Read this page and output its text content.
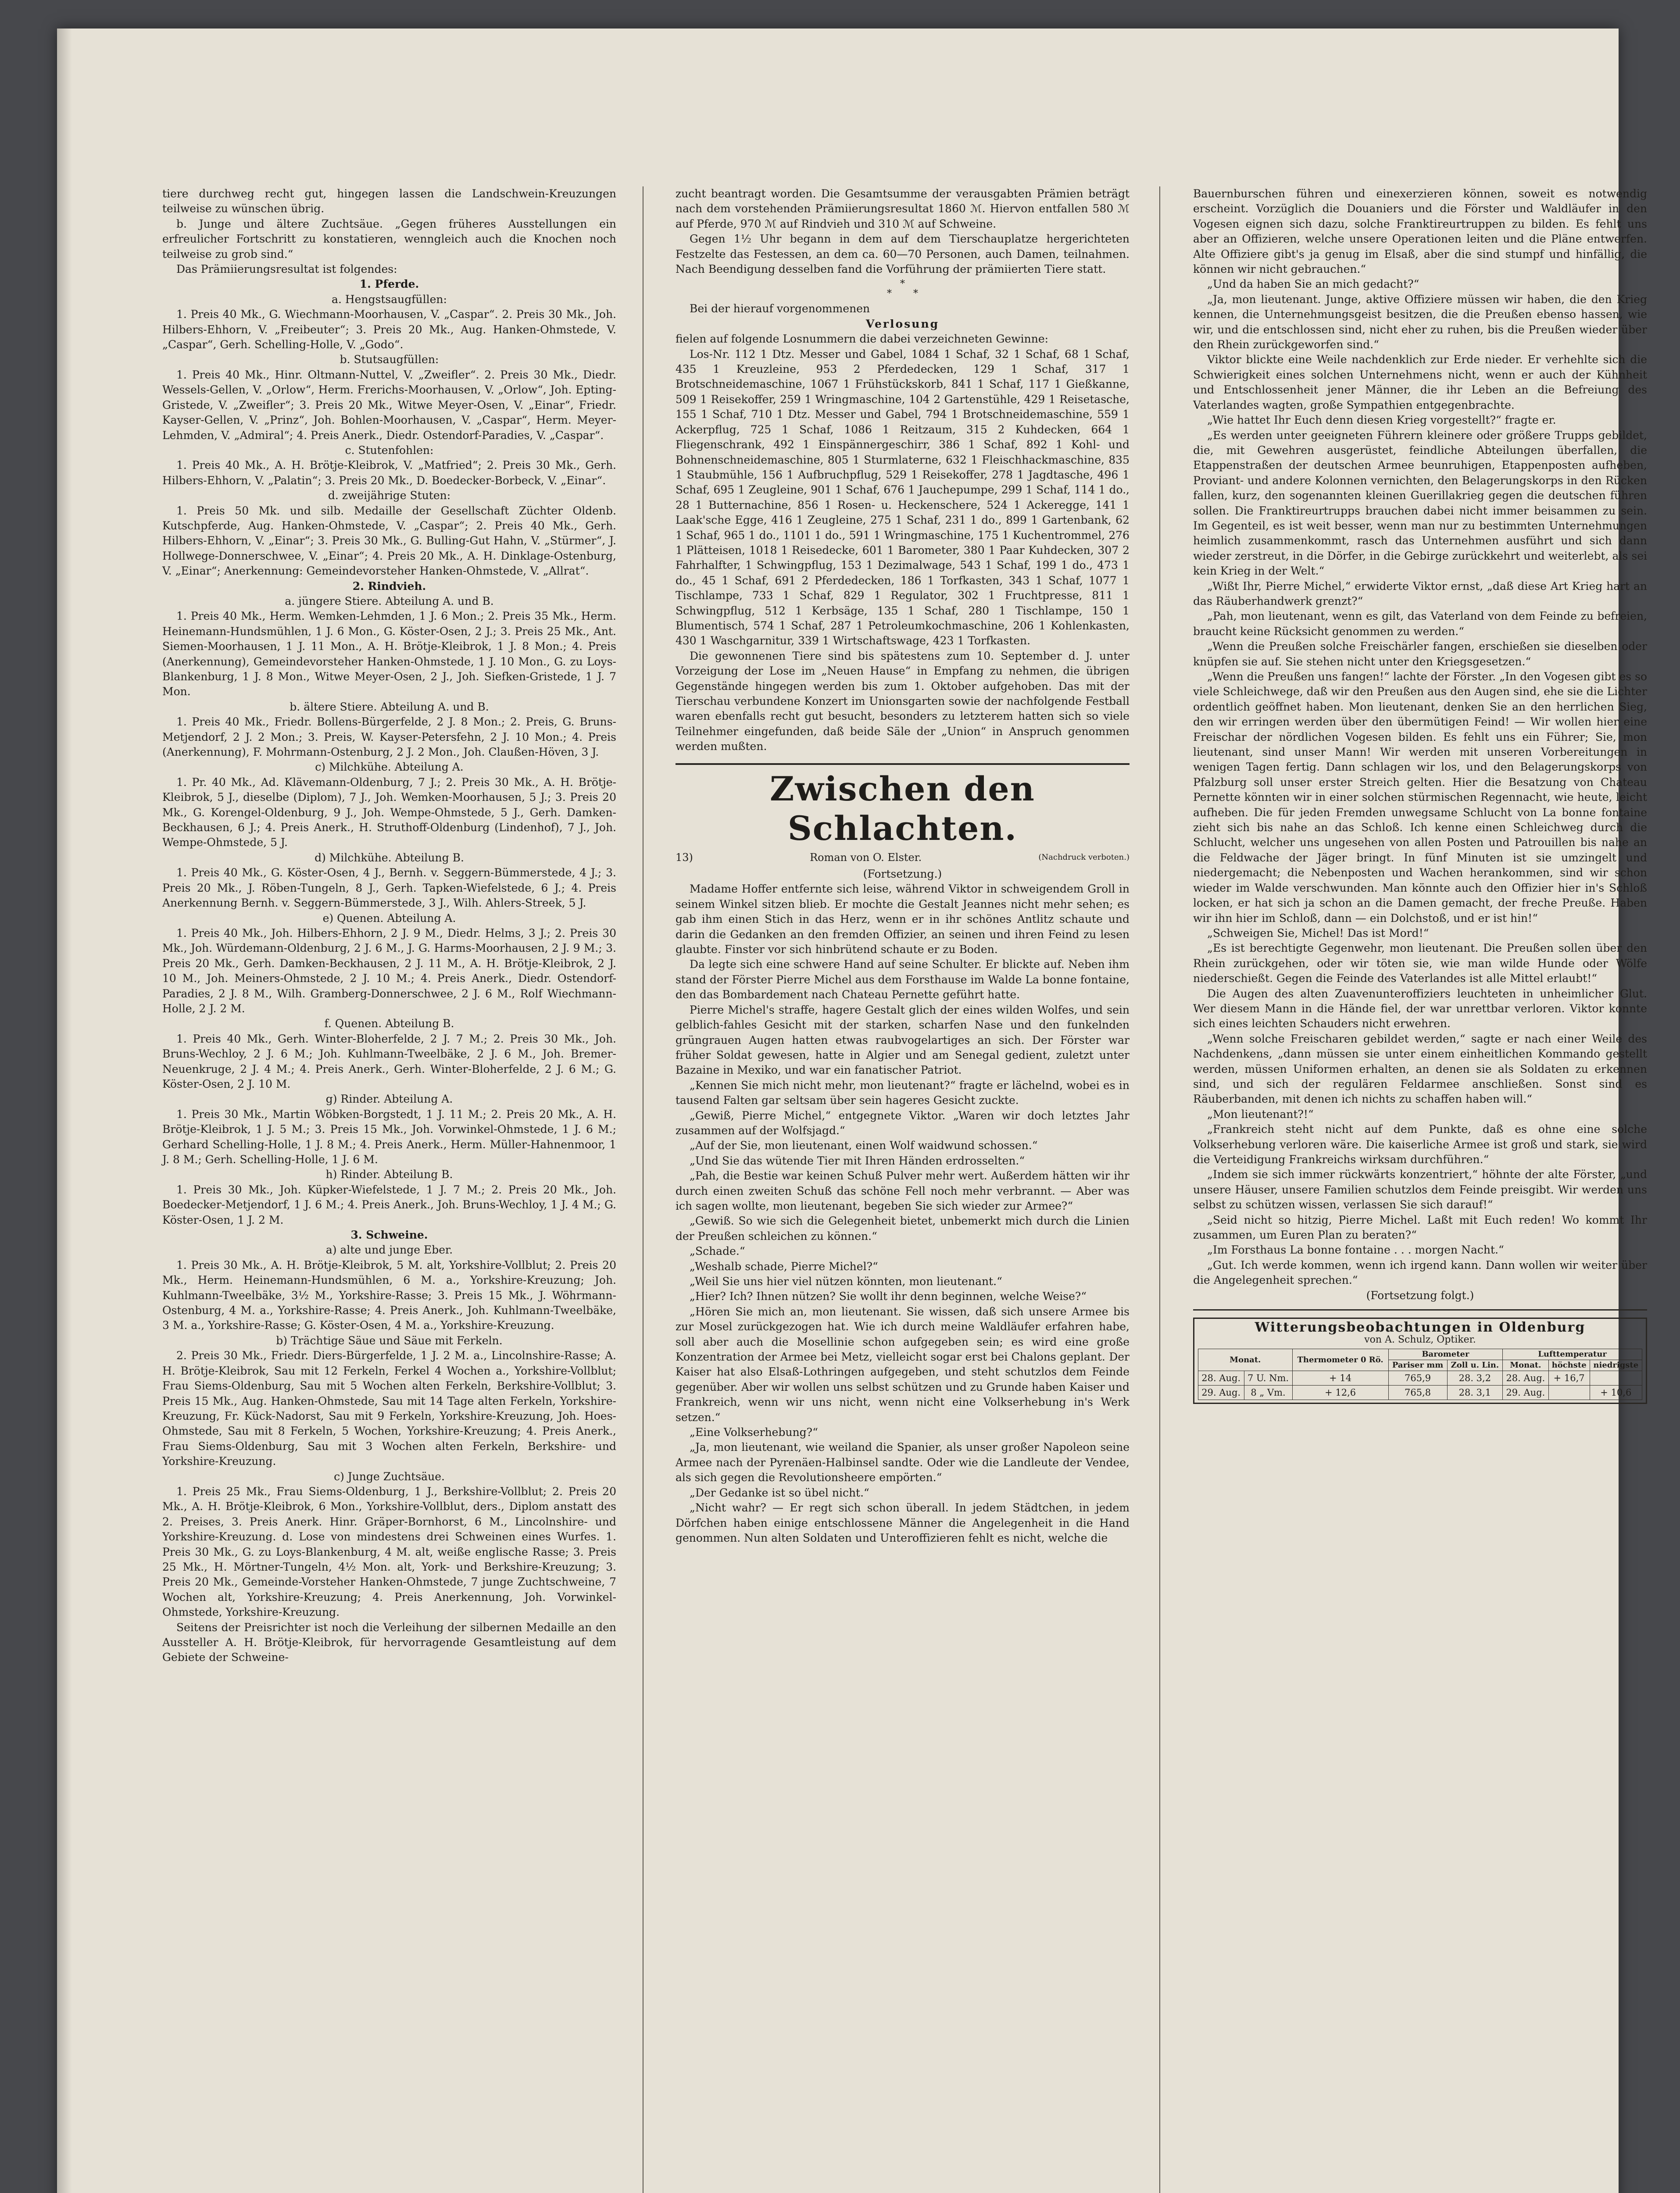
tiere durchweg recht gut, hingegen lassen die Landschwein-Kreuzungen teilweise zu wünschen übrig.

b. Junge und ältere Zuchtsäue. „Gegen früheres Ausstellungen ein erfreulicher Fortschritt zu konstatieren, wenngleich auch die Knochen noch teilweise zu grob sind.“

Das Prämiierungsresultat ist folgendes:

1. Pferde.

a. Hengstsaugfüllen:

1. Preis 40 Mk., G. Wiechmann-Moorhausen, V. „Caspar“. 2. Preis 30 Mk., Joh. Hilbers-Ehhorn, V. „Freibeuter“; 3. Preis 20 Mk., Aug. Hanken-Ohmstede, V. „Caspar“, Gerh. Schelling-Holle, V. „Godo“.

b. Stutsaugfüllen:

1. Preis 40 Mk., Hinr. Oltmann-Nuttel, V. „Zweifler“. 2. Preis 30 Mk., Diedr. Wessels-Gellen, V. „Orlow“, Herm. Frerichs-Moorhausen, V. „Orlow“, Joh. Epting-Gristede, V. „Zweifler“; 3. Preis 20 Mk., Witwe Meyer-Osen, V. „Einar“, Friedr. Kayser-Gellen, V. „Prinz“, Joh. Bohlen-Moorhausen, V. „Caspar“, Herm. Meyer-Lehmden, V. „Admiral“; 4. Preis Anerk., Diedr. Ostendorf-Paradies, V. „Caspar“.

c. Stutenfohlen:

1. Preis 40 Mk., A. H. Brötje-Kleibrok, V. „Matfried“; 2. Preis 30 Mk., Gerh. Hilbers-Ehhorn, V. „Palatin“; 3. Preis 20 Mk., D. Boedecker-Borbeck, V. „Einar“.

d. zweijährige Stuten:

1. Preis 50 Mk. und silb. Medaille der Gesellschaft Züchter Oldenb. Kutschpferde, Aug. Hanken-Ohmstede, V. „Caspar“; 2. Preis 40 Mk., Gerh. Hilbers-Ehhorn, V. „Einar“; 3. Preis 30 Mk., G. Bulling-Gut Hahn, V. „Stürmer“, J. Hollwege-Donnerschwee, V. „Einar“; 4. Preis 20 Mk., A. H. Dinklage-Ostenburg, V. „Einar“; Anerkennung: Gemeindevorsteher Hanken-Ohmstede, V. „Allrat“.

2. Rindvieh.

a. jüngere Stiere. Abteilung A. und B.

1. Preis 40 Mk., Herm. Wemken-Lehmden, 1 J. 6 Mon.; 2. Preis 35 Mk., Herm. Heinemann-Hundsmühlen, 1 J. 6 Mon., G. Köster-Osen, 2 J.; 3. Preis 25 Mk., Ant. Siemen-Moorhausen, 1 J. 11 Mon., A. H. Brötje-Kleibrok, 1 J. 8 Mon.; 4. Preis (Anerkennung), Gemeindevorsteher Hanken-Ohmstede, 1 J. 10 Mon., G. zu Loys-Blankenburg, 1 J. 8 Mon., Witwe Meyer-Osen, 2 J., Joh. Siefken-Gristede, 1 J. 7 Mon.

b. ältere Stiere. Abteilung A. und B.

1. Preis 40 Mk., Friedr. Bollens-Bürgerfelde, 2 J. 8 Mon.; 2. Preis, G. Bruns-Metjendorf, 2 J. 2 Mon.; 3. Preis, W. Kayser-Petersfehn, 2 J. 10 Mon.; 4. Preis (Anerkennung), F. Mohrmann-Ostenburg, 2 J. 2 Mon., Joh. Claußen-Höven, 3 J.

c) Milchkühe. Abteilung A.

1. Pr. 40 Mk., Ad. Klävemann-Oldenburg, 7 J.; 2. Preis 30 Mk., A. H. Brötje-Kleibrok, 5 J., dieselbe (Diplom), 7 J., Joh. Wemken-Moorhausen, 5 J.; 3. Preis 20 Mk., G. Korengel-Oldenburg, 9 J., Joh. Wempe-Ohmstede, 5 J., Gerh. Damken-Beckhausen, 6 J.; 4. Preis Anerk., H. Struthoff-Oldenburg (Lindenhof), 7 J., Joh. Wempe-Ohmstede, 5 J.

d) Milchkühe. Abteilung B.

1. Preis 40 Mk., G. Köster-Osen, 4 J., Bernh. v. Seggern-Bümmerstede, 4 J.; 3. Preis 20 Mk., J. Röben-Tungeln, 8 J., Gerh. Tapken-Wiefelstede, 6 J.; 4. Preis Anerkennung Bernh. v. Seggern-Bümmerstede, 3 J., Wilh. Ahlers-Streek, 5 J.

e) Quenen. Abteilung A.

1. Preis 40 Mk., Joh. Hilbers-Ehhorn, 2 J. 9 M., Diedr. Helms, 3 J.; 2. Preis 30 Mk., Joh. Würdemann-Oldenburg, 2 J. 6 M., J. G. Harms-Moorhausen, 2 J. 9 M.; 3. Preis 20 Mk., Gerh. Damken-Beckhausen, 2 J. 11 M., A. H. Brötje-Kleibrok, 2 J. 10 M., Joh. Meiners-Ohmstede, 2 J. 10 M.; 4. Preis Anerk., Diedr. Ostendorf-Paradies, 2 J. 8 M., Wilh. Gramberg-Donnerschwee, 2 J. 6 M., Rolf Wiechmann-Holle, 2 J. 2 M.

f. Quenen. Abteilung B.

1. Preis 40 Mk., Gerh. Winter-Bloherfelde, 2 J. 7 M.; 2. Preis 30 Mk., Joh. Bruns-Wechloy, 2 J. 6 M.; Joh. Kuhlmann-Tweelbäke, 2 J. 6 M., Joh. Bremer-Neuenkruge, 2 J. 4 M.; 4. Preis Anerk., Gerh. Winter-Bloherfelde, 2 J. 6 M.; G. Köster-Osen, 2 J. 10 M.

g) Rinder. Abteilung A.

1. Preis 30 Mk., Martin Wöbken-Borgstedt, 1 J. 11 M.; 2. Preis 20 Mk., A. H. Brötje-Kleibrok, 1 J. 5 M.; 3. Preis 15 Mk., Joh. Vorwinkel-Ohmstede, 1 J. 6 M.; Gerhard Schelling-Holle, 1 J. 8 M.; 4. Preis Anerk., Herm. Müller-Hahnenmoor, 1 J. 8 M.; Gerh. Schelling-Holle, 1 J. 6 M.

h) Rinder. Abteilung B.

1. Preis 30 Mk., Joh. Küpker-Wiefelstede, 1 J. 7 M.; 2. Preis 20 Mk., Joh. Boedecker-Metjendorf, 1 J. 6 M.; 4. Preis Anerk., Joh. Bruns-Wechloy, 1 J. 4 M.; G. Köster-Osen, 1 J. 2 M.

3. Schweine.

a) alte und junge Eber.

1. Preis 30 Mk., A. H. Brötje-Kleibrok, 5 M. alt, Yorkshire-Vollblut; 2. Preis 20 Mk., Herm. Heinemann-Hundsmühlen, 6 M. a., Yorkshire-Kreuzung; Joh. Kuhlmann-Tweelbäke, 3½ M., Yorkshire-Rasse; 3. Preis 15 Mk., J. Wöhrmann-Ostenburg, 4 M. a., Yorkshire-Rasse; 4. Preis Anerk., Joh. Kuhlmann-Tweelbäke, 3 M. a., Yorkshire-Rasse; G. Köster-Osen, 4 M. a., Yorkshire-Kreuzung.

b) Trächtige Säue und Säue mit Ferkeln.

2. Preis 30 Mk., Friedr. Diers-Bürgerfelde, 1 J. 2 M. a., Lincolnshire-Rasse; A. H. Brötje-Kleibrok, Sau mit 12 Ferkeln, Ferkel 4 Wochen a., Yorkshire-Vollblut; Frau Siems-Oldenburg, Sau mit 5 Wochen alten Ferkeln, Berkshire-Vollblut; 3. Preis 15 Mk., Aug. Hanken-Ohmstede, Sau mit 14 Tage alten Ferkeln, Yorkshire-Kreuzung, Fr. Kück-Nadorst, Sau mit 9 Ferkeln, Yorkshire-Kreuzung, Joh. Hoes-Ohmstede, Sau mit 8 Ferkeln, 5 Wochen, Yorkshire-Kreuzung; 4. Preis Anerk., Frau Siems-Oldenburg, Sau mit 3 Wochen alten Ferkeln, Berkshire- und Yorkshire-Kreuzung.

c) Junge Zuchtsäue.

1. Preis 25 Mk., Frau Siems-Oldenburg, 1 J., Berkshire-Vollblut; 2. Preis 20 Mk., A. H. Brötje-Kleibrok, 6 Mon., Yorkshire-Vollblut, ders., Diplom anstatt des 2. Preises, 3. Preis Anerk. Hinr. Gräper-Bornhorst, 6 M., Lincolnshire- und Yorkshire-Kreuzung. d. Lose von mindestens drei Schweinen eines Wurfes. 1. Preis 30 Mk., G. zu Loys-Blankenburg, 4 M. alt, weiße englische Rasse; 3. Preis 25 Mk., H. Mörtner-Tungeln, 4½ Mon. alt, York- und Berkshire-Kreuzung; 3. Preis 20 Mk., Gemeinde-Vorsteher Hanken-Ohmstede, 7 junge Zuchtschweine, 7 Wochen alt, Yorkshire-Kreuzung; 4. Preis Anerkennung, Joh. Vorwinkel-Ohmstede, Yorkshire-Kreuzung.

Seitens der Preisrichter ist noch die Verleihung der silbernen Medaille an den Aussteller A. H. Brötje-Kleibrok, für hervorragende Gesamtleistung auf dem Gebiete der Schweine-

zucht beantragt worden. Die Gesamtsumme der verausgabten Prämien beträgt nach dem vorstehenden Prämiierungsresultat 1860 ℳ. Hiervon entfallen 580 ℳ auf Pferde, 970 ℳ auf Rindvieh und 310 ℳ auf Schweine.

Gegen 1½ Uhr begann in dem auf dem Tierschauplatze hergerichteten Festzelte das Festessen, an dem ca. 60—70 Personen, auch Damen, teilnahmen. Nach Beendigung desselben fand die Vorführung der prämiierten Tiere statt.

*
*       *

Bei der hierauf vorgenommenen

Verlosung

fielen auf folgende Losnummern die dabei verzeichneten Gewinne:

Los-Nr. 112 1 Dtz. Messer und Gabel, 1084 1 Schaf, 32 1 Schaf, 68 1 Schaf, 435 1 Kreuzleine, 953 2 Pferdedecken, 129 1 Schaf, 317 1 Brotschneidemaschine, 1067 1 Frühstückskorb, 841 1 Schaf, 117 1 Gießkanne, 509 1 Reisekoffer, 259 1 Wringmaschine, 104 2 Gartenstühle, 429 1 Reisetasche, 155 1 Schaf, 710 1 Dtz. Messer und Gabel, 794 1 Brotschneidemaschine, 559 1 Ackerpflug, 725 1 Schaf, 1086 1 Reitzaum, 315 2 Kuhdecken, 664 1 Fliegenschrank, 492 1 Einspännergeschirr, 386 1 Schaf, 892 1 Kohl- und Bohnenschneidemaschine, 805 1 Sturmlaterne, 632 1 Fleischhackmaschine, 835 1 Staubmühle, 156 1 Aufbruchpflug, 529 1 Reisekoffer, 278 1 Jagdtasche, 496 1 Schaf, 695 1 Zeugleine, 901 1 Schaf, 676 1 Jauchepumpe, 299 1 Schaf, 114 1 do., 28 1 Butternachine, 856 1 Rosen- u. Heckenschere, 524 1 Ackeregge, 141 1 Laak'sche Egge, 416 1 Zeugleine, 275 1 Schaf, 231 1 do., 899 1 Gartenbank, 62 1 Schaf, 965 1 do., 1101 1 do., 591 1 Wringmaschine, 175 1 Kuchentrommel, 276 1 Plätteisen, 1018 1 Reisedecke, 601 1 Barometer, 380 1 Paar Kuhdecken, 307 2 Fahrhalfter, 1 Schwingpflug, 153 1 Dezimalwage, 543 1 Schaf, 199 1 do., 473 1 do., 45 1 Schaf, 691 2 Pferdedecken, 186 1 Torfkasten, 343 1 Schaf, 1077 1 Tischlampe, 733 1 Schaf, 829 1 Regulator, 302 1 Fruchtpresse, 811 1 Schwingpflug, 512 1 Kerbsäge, 135 1 Schaf, 280 1 Tischlampe, 150 1 Blumentisch, 574 1 Schaf, 287 1 Petroleumkochmaschine, 206 1 Kohlenkasten, 430 1 Waschgarnitur, 339 1 Wirtschaftswage, 423 1 Torfkasten.

Die gewonnenen Tiere sind bis spätestens zum 10. September d. J. unter Vorzeigung der Lose im „Neuen Hause“ in Empfang zu nehmen, die übrigen Gegenstände hingegen werden bis zum 1. Oktober aufgehoben. Das mit der Tierschau verbundene Konzert im Unionsgarten sowie der nachfolgende Festball waren ebenfalls recht gut besucht, besonders zu letzterem hatten sich so viele Teilnehmer eingefunden, daß beide Säle der „Union“ in Anspruch genommen werden mußten.

Zwischen den Schlachten.
13)	Roman von O. Elster.	(Nachdruck verboten.)

(Fortsetzung.)

Madame Hoffer entfernte sich leise, während Viktor in schweigendem Groll in seinem Winkel sitzen blieb. Er mochte die Gestalt Jeannes nicht mehr sehen; es gab ihm einen Stich in das Herz, wenn er in ihr schönes Antlitz schaute und darin die Gedanken an den fremden Offizier, an seinen und ihren Feind zu lesen glaubte. Finster vor sich hinbrütend schaute er zu Boden.

Da legte sich eine schwere Hand auf seine Schulter. Er blickte auf. Neben ihm stand der Förster Pierre Michel aus dem Forsthause im Walde La bonne fontaine, den das Bombardement nach Chateau Pernette geführt hatte.

Pierre Michel's straffe, hagere Gestalt glich der eines wilden Wolfes, und sein gelblich-fahles Gesicht mit der starken, scharfen Nase und den funkelnden grüngrauen Augen hatten etwas raubvogelartiges an sich. Der Förster war früher Soldat gewesen, hatte in Algier und am Senegal gedient, zuletzt unter Bazaine in Mexiko, und war ein fanatischer Patriot.

„Kennen Sie mich nicht mehr, mon lieutenant?“ fragte er lächelnd, wobei es in tausend Falten gar seltsam über sein hageres Gesicht zuckte.

„Gewiß, Pierre Michel,“ entgegnete Viktor. „Waren wir doch letztes Jahr zusammen auf der Wolfsjagd.“

„Auf der Sie, mon lieutenant, einen Wolf waidwund schossen.“

„Und Sie das wütende Tier mit Ihren Händen erdrosselten.“

„Pah, die Bestie war keinen Schuß Pulver mehr wert. Außerdem hätten wir ihr durch einen zweiten Schuß das schöne Fell noch mehr verbrannt. — Aber was ich sagen wollte, mon lieutenant, begeben Sie sich wieder zur Armee?“

„Gewiß. So wie sich die Gelegenheit bietet, unbemerkt mich durch die Linien der Preußen schleichen zu können.“

„Schade.“

„Weshalb schade, Pierre Michel?“

„Weil Sie uns hier viel nützen könnten, mon lieutenant.“

„Hier? Ich? Ihnen nützen? Sie wollt ihr denn beginnen, welche Weise?“

„Hören Sie mich an, mon lieutenant. Sie wissen, daß sich unsere Armee bis zur Mosel zurückgezogen hat. Wie ich durch meine Waldläufer erfahren habe, soll aber auch die Mosellinie schon aufgegeben sein; es wird eine große Konzentration der Armee bei Metz, vielleicht sogar erst bei Chalons geplant. Der Kaiser hat also Elsaß-Lothringen aufgegeben, und steht schutzlos dem Feinde gegenüber. Aber wir wollen uns selbst schützen und zu Grunde haben Kaiser und Frankreich, wenn wir uns nicht, wenn nicht eine Volkserhebung in's Werk setzen.“

„Eine Volkserhebung?“

„Ja, mon lieutenant, wie weiland die Spanier, als unser großer Napoleon seine Armee nach der Pyrenäen-Halbinsel sandte. Oder wie die Landleute der Vendee, als sich gegen die Revolutionsheere empörten.“

„Der Gedanke ist so übel nicht.“

„Nicht wahr? — Er regt sich schon überall. In jedem Städtchen, in jedem Dörfchen haben einige entschlossene Männer die Angelegenheit in die Hand genommen. Nun alten Soldaten und Unteroffizieren fehlt es nicht, welche die

Bauernburschen führen und einexerzieren können, soweit es notwendig erscheint. Vorzüglich die Douaniers und die Förster und Waldläufer in den Vogesen eignen sich dazu, solche Franktireurtruppen zu bilden. Es fehlt uns aber an Offizieren, welche unsere Operationen leiten und die Pläne entwerfen. Alte Offiziere gibt's ja genug im Elsaß, aber die sind stumpf und hinfällig, die können wir nicht gebrauchen.“

„Und da haben Sie an mich gedacht?“

„Ja, mon lieutenant. Junge, aktive Offiziere müssen wir haben, die den Krieg kennen, die Unternehmungsgeist besitzen, die die Preußen ebenso hassen, wie wir, und die entschlossen sind, nicht eher zu ruhen, bis die Preußen wieder über den Rhein zurückgeworfen sind.“

Viktor blickte eine Weile nachdenklich zur Erde nieder. Er verhehlte sich die Schwierigkeit eines solchen Unternehmens nicht, wenn er auch der Kühnheit und Entschlossenheit jener Männer, die ihr Leben an die Befreiung des Vaterlandes wagten, große Sympathien entgegenbrachte.

„Wie hattet Ihr Euch denn diesen Krieg vorgestellt?“ fragte er.

„Es werden unter geeigneten Führern kleinere oder größere Trupps gebildet, die, mit Gewehren ausgerüstet, feindliche Abteilungen überfallen, die Etappenstraßen der deutschen Armee beunruhigen, Etappenposten aufheben, Proviant- und andere Kolonnen vernichten, den Belagerungskorps in den Rücken fallen, kurz, den sogenannten kleinen Guerillakrieg gegen die deutschen führen sollen. Die Franktireurtrupps brauchen dabei nicht immer beisammen zu sein. Im Gegenteil, es ist weit besser, wenn man nur zu bestimmten Unternehmungen heimlich zusammenkommt, rasch das Unternehmen ausführt und sich dann wieder zerstreut, in die Dörfer, in die Gebirge zurückkehrt und weiterlebt, als sei kein Krieg in der Welt.“

„Wißt Ihr, Pierre Michel,“ erwiderte Viktor ernst, „daß diese Art Krieg hart an das Räuberhandwerk grenzt?“

„Pah, mon lieutenant, wenn es gilt, das Vaterland von dem Feinde zu befreien, braucht keine Rücksicht genommen zu werden.“

„Wenn die Preußen solche Freischärler fangen, erschießen sie dieselben oder knüpfen sie auf. Sie stehen nicht unter den Kriegsgesetzen.“

„Wenn die Preußen uns fangen!“ lachte der Förster. „In den Vogesen gibt es so viele Schleichwege, daß wir den Preußen aus den Augen sind, ehe sie die Lichter ordentlich geöffnet haben. Mon lieutenant, denken Sie an den herrlichen Sieg, den wir erringen werden über den übermütigen Feind! — Wir wollen hier eine Freischar der nördlichen Vogesen bilden. Es fehlt uns ein Führer; Sie, mon lieutenant, sind unser Mann! Wir werden mit unseren Vorbereitungen in wenigen Tagen fertig. Dann schlagen wir los, und den Belagerungskorps von Pfalzburg soll unser erster Streich gelten. Hier die Besatzung von Chateau Pernette könnten wir in einer solchen stürmischen Regennacht, wie heute, leicht aufheben. Die für jeden Fremden unwegsame Schlucht von La bonne fontaine zieht sich bis nahe an das Schloß. Ich kenne einen Schleichweg durch die Schlucht, welcher uns ungesehen von allen Posten und Patrouillen bis nahe an die Feldwache der Jäger bringt. In fünf Minuten ist sie umzingelt und niedergemacht; die Nebenposten und Wachen herankommen, sind wir schon wieder im Walde verschwunden. Man könnte auch den Offizier hier in's Schloß locken, er hat sich ja schon an die Damen gemacht, der freche Preuße. Haben wir ihn hier im Schloß, dann — ein Dolchstoß, und er ist hin!“

„Schweigen Sie, Michel! Das ist Mord!“

„Es ist berechtigte Gegenwehr, mon lieutenant. Die Preußen sollen über den Rhein zurückgehen, oder wir töten sie, wie man wilde Hunde oder Wölfe niederschießt. Gegen die Feinde des Vaterlandes ist alle Mittel erlaubt!“

Die Augen des alten Zuavenunteroffiziers leuchteten in unheimlicher Glut. Wer diesem Mann in die Hände fiel, der war unrettbar verloren. Viktor konnte sich eines leichten Schauders nicht erwehren.

„Wenn solche Freischaren gebildet werden,“ sagte er nach einer Weile des Nachdenkens, „dann müssen sie unter einem einheitlichen Kommando gestellt werden, müssen Uniformen erhalten, an denen sie als Soldaten zu erkennen sind, und sich der regulären Feldarmee anschließen. Sonst sind es Räuberbanden, mit denen ich nichts zu schaffen haben will.“

„Mon lieutenant?!“

„Frankreich steht nicht auf dem Punkte, daß es ohne eine solche Volkserhebung verloren wäre. Die kaiserliche Armee ist groß und stark, sie wird die Verteidigung Frankreichs wirksam durchführen.“

„Indem sie sich immer rückwärts konzentriert,“ höhnte der alte Förster, „und unsere Häuser, unsere Familien schutzlos dem Feinde preisgibt. Wir werden uns selbst zu schützen wissen, verlassen Sie sich darauf!“

„Seid nicht so hitzig, Pierre Michel. Laßt mit Euch reden! Wo kommt Ihr zusammen, um Euren Plan zu beraten?“

„Im Forsthaus La bonne fontaine . . . morgen Nacht.“

„Gut. Ich werde kommen, wenn ich irgend kann. Dann wollen wir weiter über die Angelegenheit sprechen.“

(Fortsetzung folgt.)

Witterungsbeobachtungen in Oldenburg
von A. Schulz, Optiker.
Monat.		Thermometer 0 Rö.	Barometer		Lufttemperatur		
			Pariser mm	Zoll u. Lin.	Monat.	höchste	niedrigste
28. Aug.	7 U. Nm.	+ 14	765,9	28. 3,2	28. Aug.	+ 16,7	
29. Aug.	8 „ Vm.	+ 12,6	765,8	28. 3,1	29. Aug.		+ 10,6
